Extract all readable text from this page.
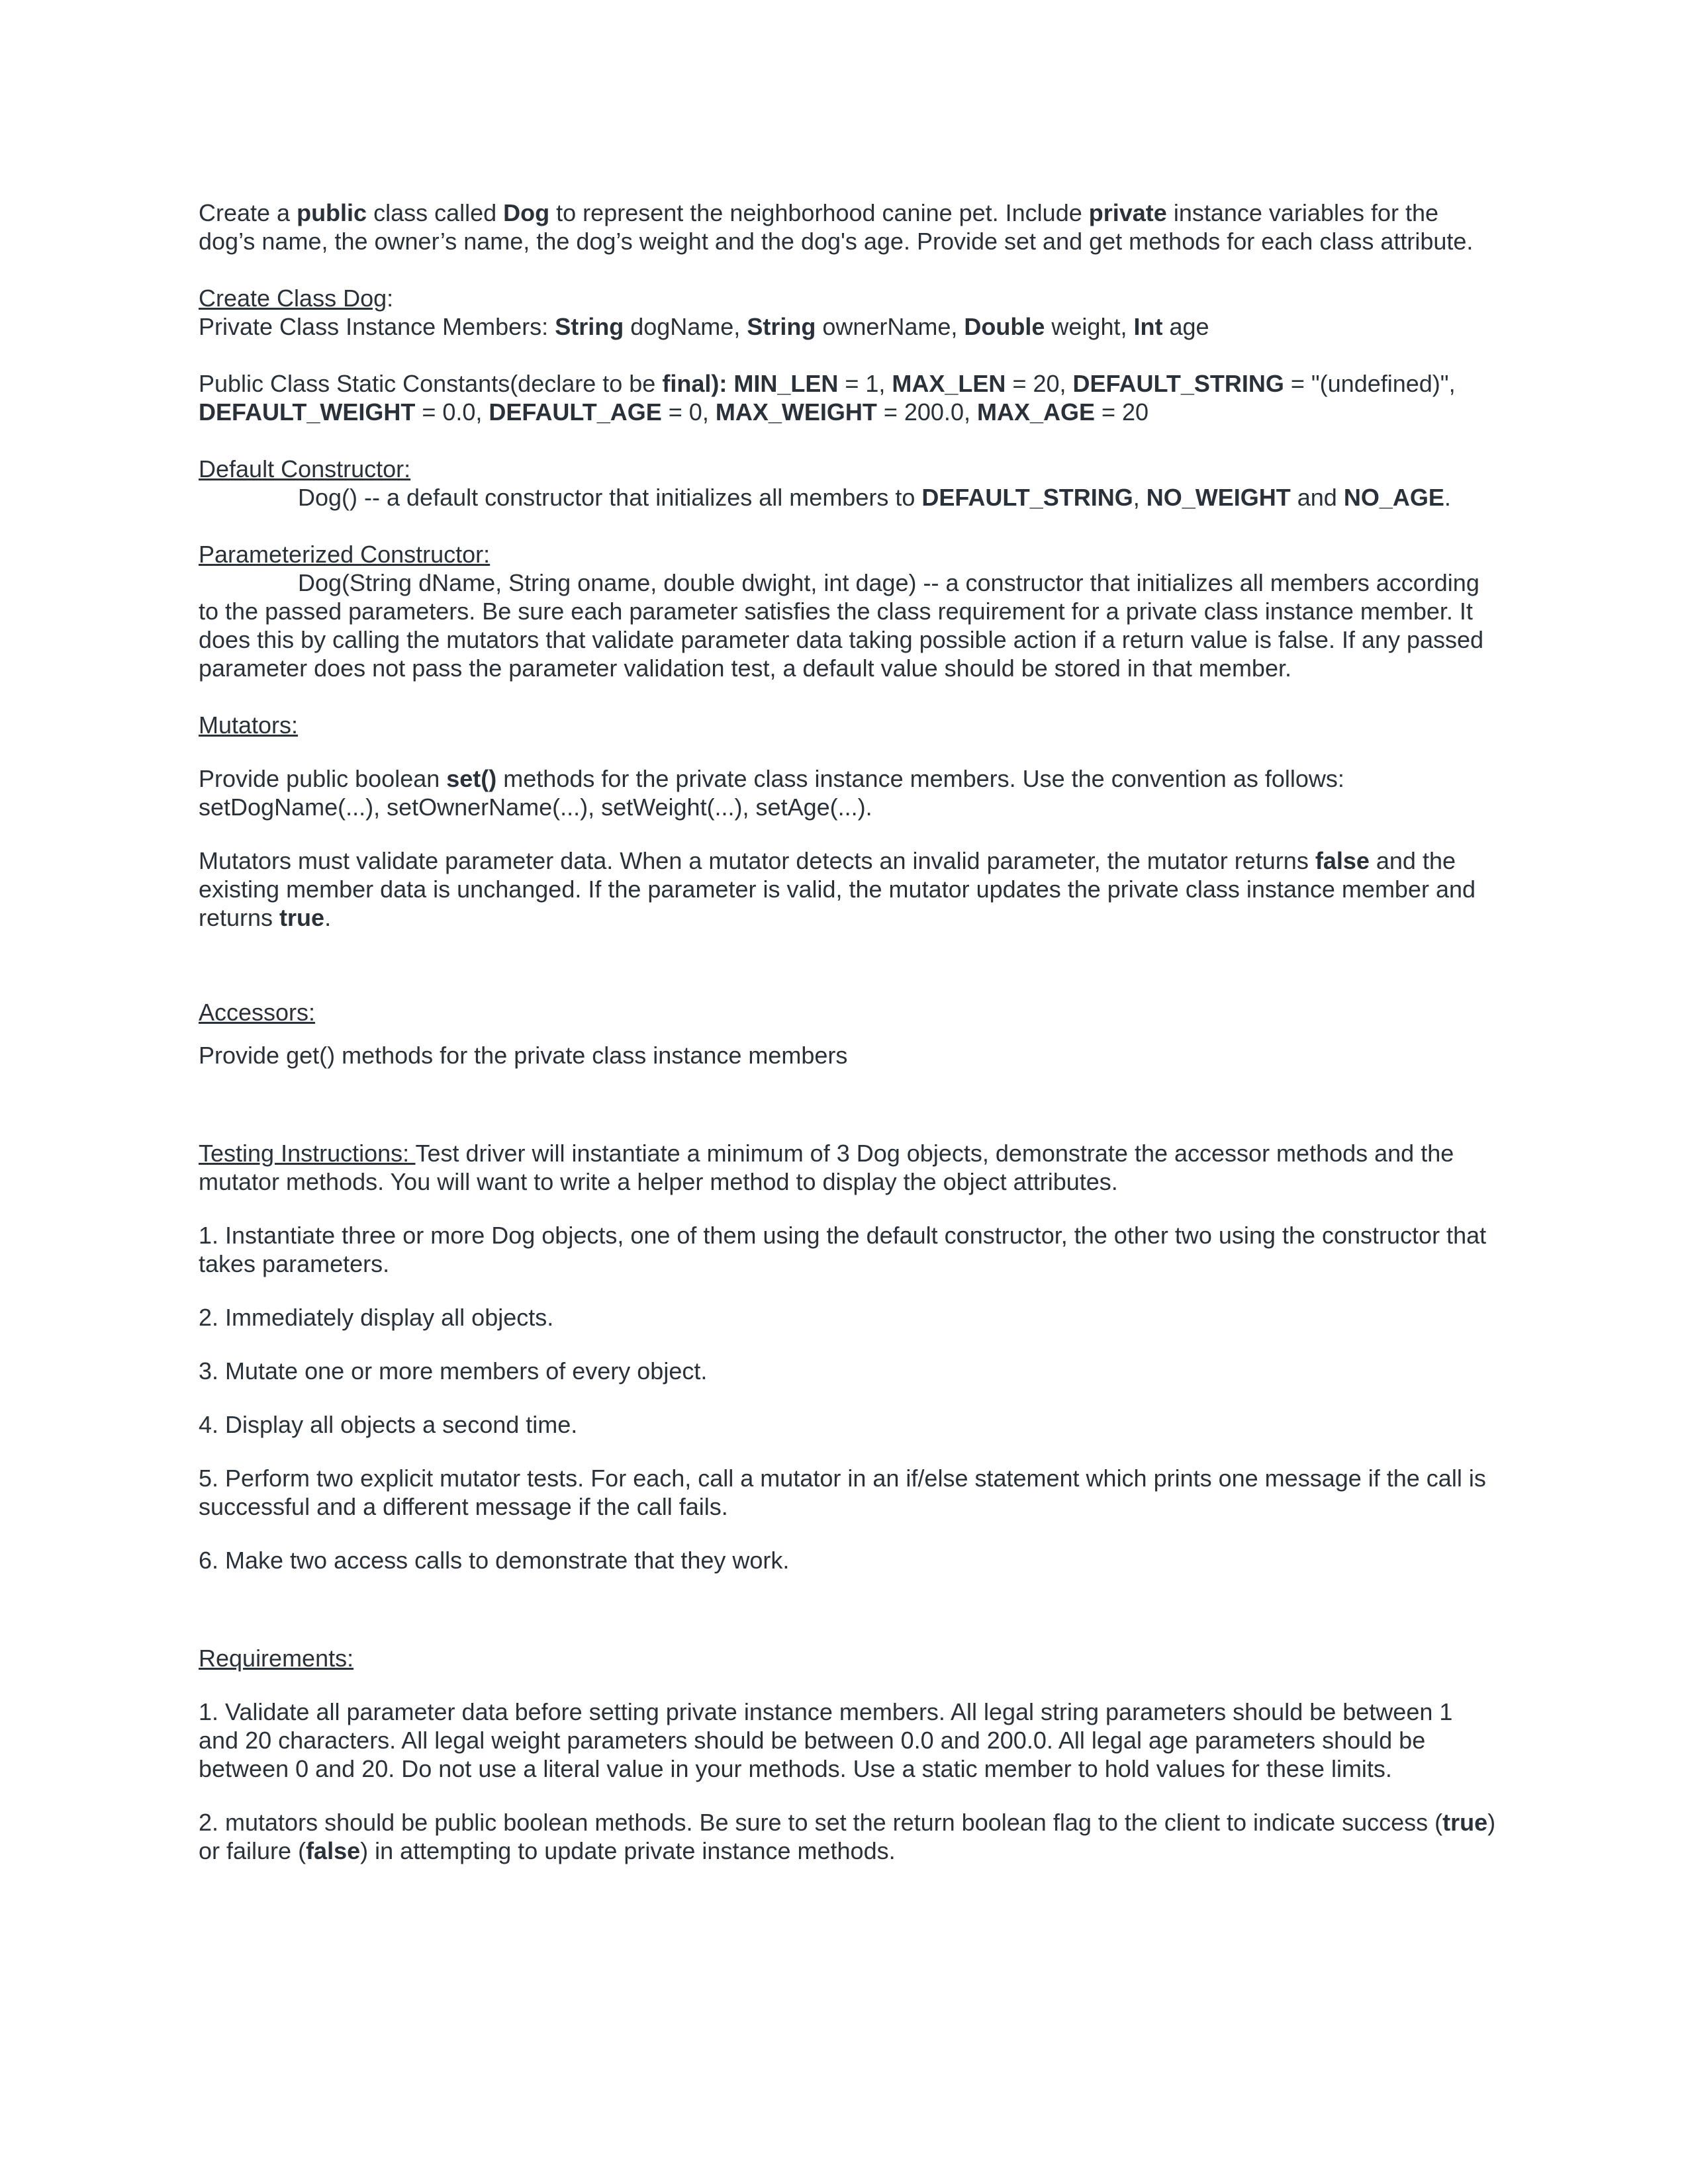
Create a public class called Dog to represent the neighborhood canine pet. Include private instance variables for the dog’s name, the owner’s name, the dog’s weight and the dog's age. Provide set and get methods for each class attribute.

Create Class Dog:

Private Class Instance Members: String dogName, String ownerName, Double weight, Int age

Public Class Static Constants(declare to be final): MIN_LEN = 1, MAX_LEN = 20, DEFAULT_STRING = "(undefined)", DEFAULT_WEIGHT = 0.0, DEFAULT_AGE = 0, MAX_WEIGHT = 200.0, MAX_AGE = 20

Default Constructor:

Dog() -- a default constructor that initializes all members to DEFAULT_STRING, NO_WEIGHT and NO_AGE.

Parameterized Constructor:

Dog(String dName, String oname, double dwight, int dage) -- a constructor that initializes all members according to the passed parameters. Be sure each parameter satisfies the class requirement for a private class instance member. It does this by calling the mutators that validate parameter data taking possible action if a return value is false. If any passed parameter does not pass the parameter validation test, a default value should be stored in that member.

Mutators:

Provide public boolean set() methods for the private class instance members. Use the convention as follows: setDogName(...), setOwnerName(...), setWeight(...), setAge(...).

Mutators must validate parameter data. When a mutator detects an invalid parameter, the mutator returns false and the existing member data is unchanged. If the parameter is valid, the mutator updates the private class instance member and returns true.

Accessors:

Provide get() methods for the private class instance members

Testing Instructions: Test driver will instantiate a minimum of 3 Dog objects, demonstrate the accessor methods and the mutator methods. You will want to write a helper method to display the object attributes.

1. Instantiate three or more Dog objects, one of them using the default constructor, the other two using the constructor that takes parameters.

2. Immediately display all objects.

3. Mutate one or more members of every object.

4. Display all objects a second time.

5. Perform two explicit mutator tests. For each, call a mutator in an if/else statement which prints one message if the call is successful and a different message if the call fails.

6. Make two access calls to demonstrate that they work.

Requirements:

1. Validate all parameter data before setting private instance members. All legal string parameters should be between 1 and 20 characters. All legal weight parameters should be between 0.0 and 200.0. All legal age parameters should be between 0 and 20. Do not use a literal value in your methods. Use a static member to hold values for these limits.

2. mutators should be public boolean methods. Be sure to set the return boolean flag to the client to indicate success (true) or failure (false) in attempting to update private instance methods.
